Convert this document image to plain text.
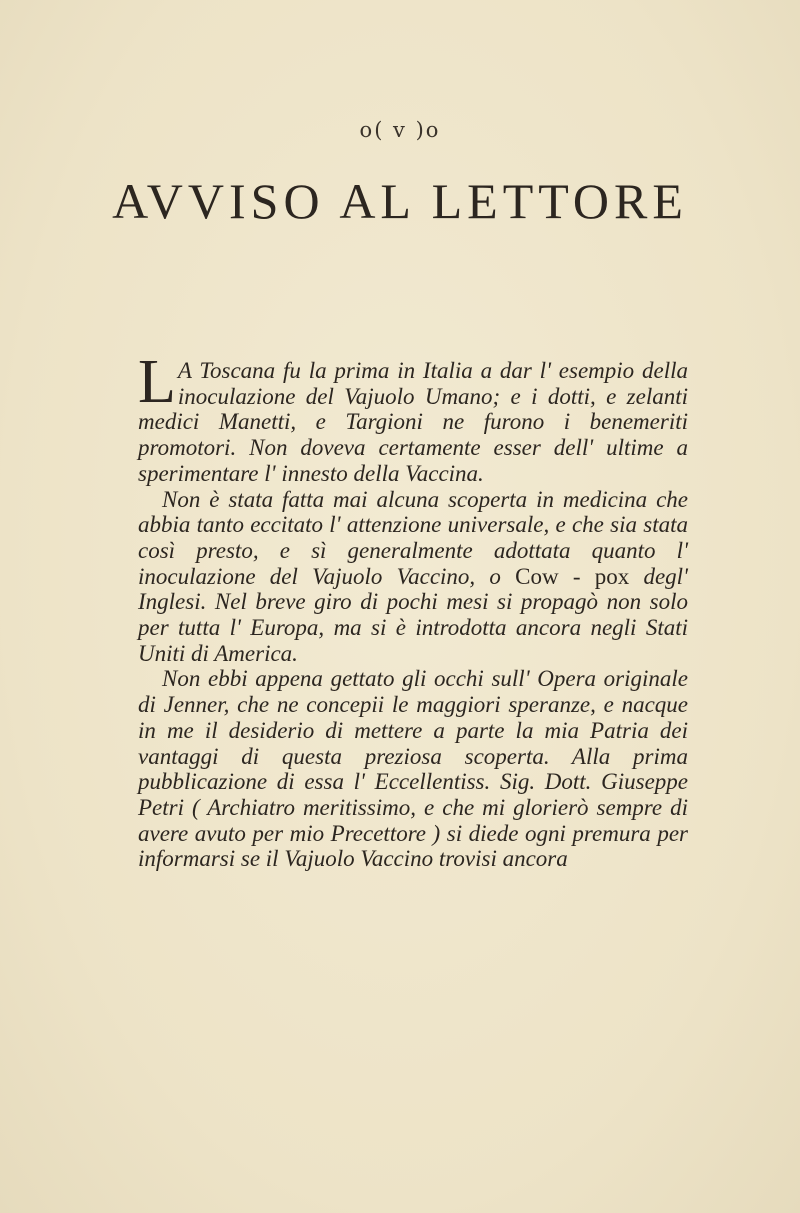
o( v )o
AVVISO AL LETTORE

L A Toscana fu la prima in Italia a dar l' esempio della inoculazione del Vajuolo Umano; e i dotti, e zelanti medici Manetti, e Targioni ne furono i benemeriti promotori. Non doveva certamente esser dell' ultime a sperimentare l' innesto della Vaccina.

Non è stata fatta mai alcuna scoperta in medicina che abbia tanto eccitato l' attenzione universale, e che sia stata così presto, e sì generalmente adottata quanto l' inoculazione del Vajuolo Vaccino, o Cow - pox degl' Inglesi. Nel breve giro di pochi mesi si propagò non solo per tutta l' Europa, ma si è introdotta ancora negli Stati Uniti di America.

Non ebbi appena gettato gli occhi sull' Opera originale di Jenner, che ne concepii le maggiori speranze, e nacque in me il desiderio di mettere a parte la mia Patria dei vantaggi di questa preziosa scoperta. Alla prima pubblicazione di essa l' Eccellentiss. Sig. Dott. Giuseppe Petri ( Archiatro meritissimo, e che mi glorierò sempre di avere avuto per mio Precettore ) si diede ogni premura per informarsi se il Vajuolo Vaccino trovisi ancora
